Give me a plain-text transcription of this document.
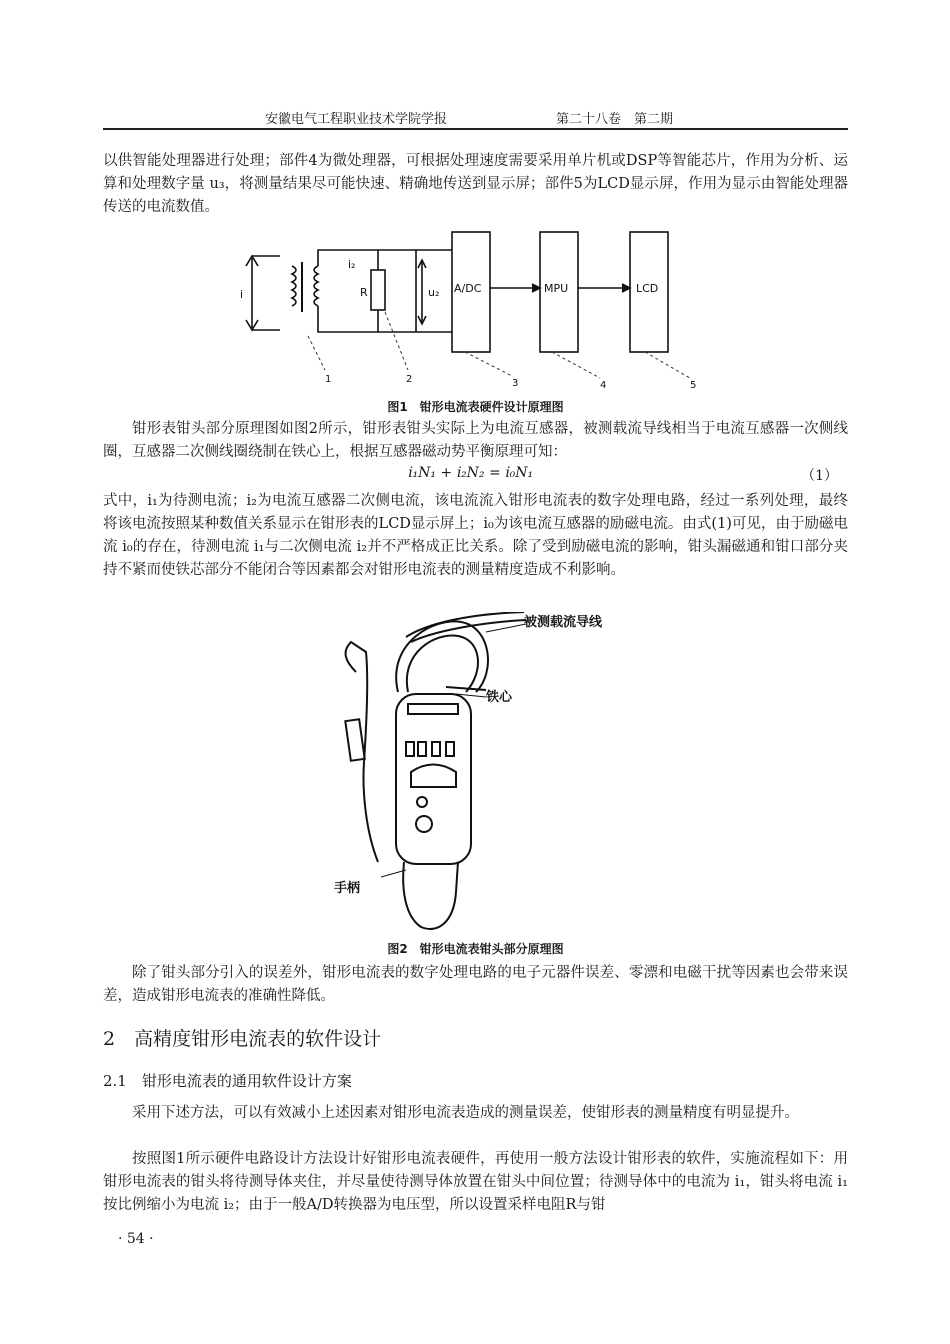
安徽电气工程职业技术学院学报	第二十八卷　第二期

以供智能处理器进行处理；部件4为微处理器，可根据处理速度需要采用单片机或DSP等智能芯片，作用为分析、运算和处理数字量 u₃，将测量结果尽可能快速、精确地传送到显示屏；部件5为LCD显示屏，作用为显示由智能处理器传送的电流数值。

i
i₂
R	u₂ A/DC	MPU	LCD
1	2	3	4	5
图1　钳形电流表硬件设计原理图

钳形表钳头部分原理图如图2所示，钳形表钳头实际上为电流互感器，被测载流导线相当于电流互感器一次侧线圈，互感器二次侧线圈绕制在铁心上，根据互感器磁动势平衡原理可知：

i̇₁N₁ + i̇₂N₂ = i̇₀N₁	（1）

式中，i₁为待测电流；i₂为电流互感器二次侧电流，该电流流入钳形电流表的数字处理电路，经过一系列处理，最终将该电流按照某种数值关系显示在钳形表的LCD显示屏上；i₀为该电流互感器的励磁电流。由式(1)可见，由于励磁电流 i₀的存在，待测电流 i₁与二次侧电流 i₂并不严格成正比关系。除了受到励磁电流的影响，钳头漏磁通和钳口部分夹持不紧而使铁芯部分不能闭合等因素都会对钳形电流表的测量精度造成不利影响。

被测载流导线
铁心
手柄
图2　钳形电流表钳头部分原理图

除了钳头部分引入的误差外，钳形电流表的数字处理电路的电子元器件误差、零漂和电磁干扰等因素也会带来误差，造成钳形电流表的准确性降低。

2　高精度钳形电流表的软件设计
2.1　钳形电流表的通用软件设计方案

采用下述方法，可以有效减小上述因素对钳形电流表造成的测量误差，使钳形表的测量精度有明显提升。

按照图1所示硬件电路设计方法设计好钳形电流表硬件，再使用一般方法设计钳形表的软件，实施流程如下：用钳形电流表的钳头将待测导体夹住，并尽量使待测导体放置在钳头中间位置；待测导体中的电流为 i₁，钳头将电流 i₁按比例缩小为电流 i₂；由于一般A/D转换器为电压型，所以设置采样电阻R与钳

· 54 ·
